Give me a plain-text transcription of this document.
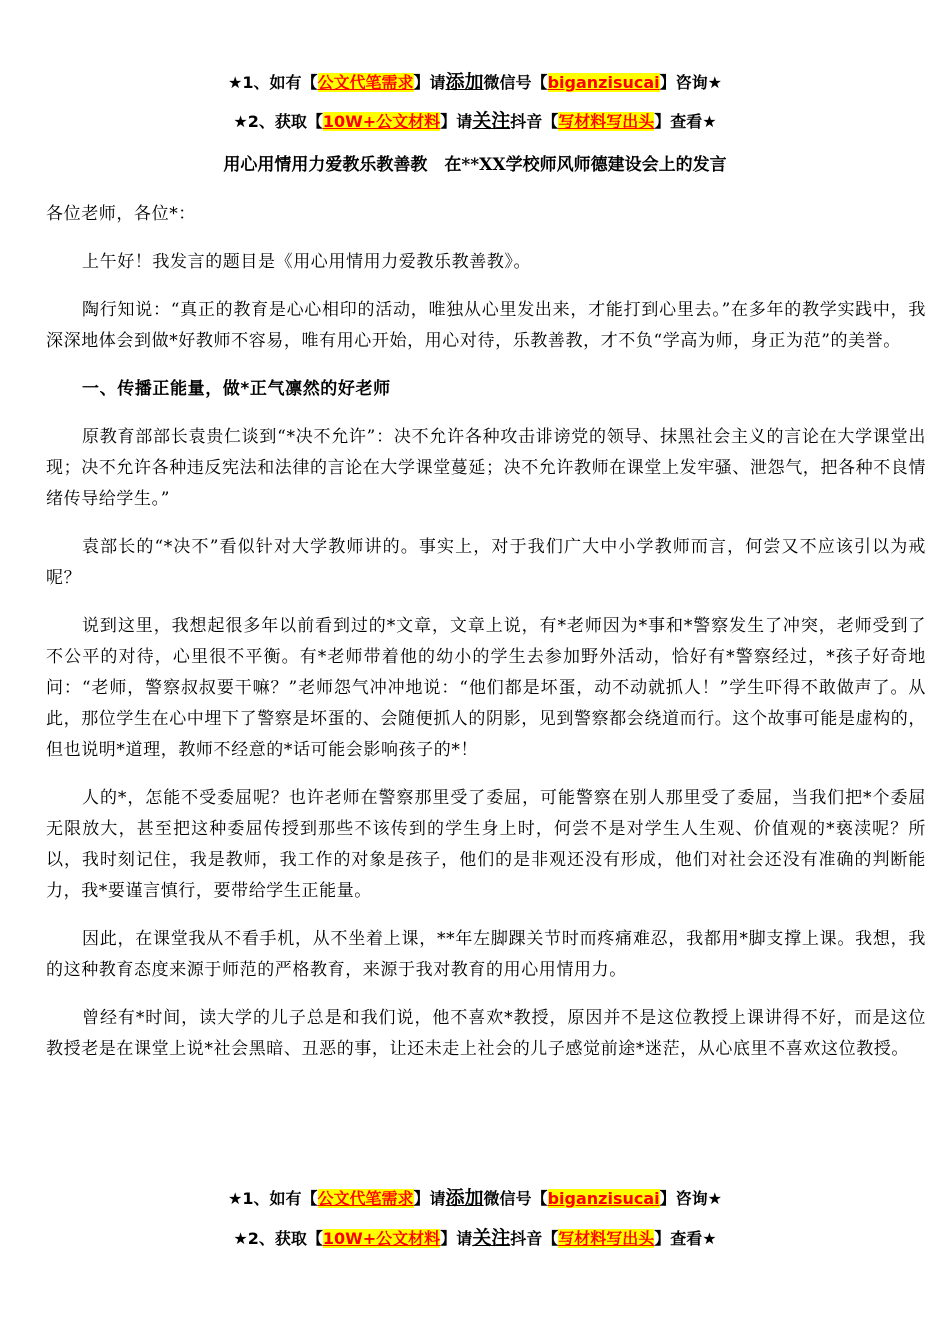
★1、如有【公文代笔需求】请添加微信号【biganzisucai】咨询★
★2、获取【10W+公文材料】请关注抖音【写材料写出头】查看★
用心用情用力爱教乐教善教　在**XX学校师风师德建设会上的发言

各位老师，各位*：

上午好！我发言的题目是《用心用情用力爱教乐教善教》。

陶行知说：“真正的教育是心心相印的活动，唯独从心里发出来，才能打到心里去。”在多年的教学实践中，我深深地体会到做*好教师不容易，唯有用心开始，用心对待，乐教善教，才不负“学高为师，身正为范”的美誉。

一、传播正能量，做*正气凛然的好老师

原教育部部长袁贵仁谈到“*决不允许”：决不允许各种攻击诽谤党的领导、抹黑社会主义的言论在大学课堂出现；决不允许各种违反宪法和法律的言论在大学课堂蔓延；决不允许教师在课堂上发牢骚、泄怨气，把各种不良情绪传导给学生。”

袁部长的“*决不”看似针对大学教师讲的。事实上，对于我们广大中小学教师而言，何尝又不应该引以为戒呢？

说到这里，我想起很多年以前看到过的*文章，文章上说，有*老师因为*事和*警察发生了冲突，老师受到了不公平的对待，心里很不平衡。有*老师带着他的幼小的学生去参加野外活动，恰好有*警察经过，*孩子好奇地问：“老师，警察叔叔要干嘛？”老师怨气冲冲地说：“他们都是坏蛋，动不动就抓人！”学生吓得不敢做声了。从此，那位学生在心中埋下了警察是坏蛋的、会随便抓人的阴影，见到警察都会绕道而行。这个故事可能是虚构的，但也说明*道理，教师不经意的*话可能会影响孩子的*！

人的*，怎能不受委屈呢？也许老师在警察那里受了委屈，可能警察在别人那里受了委屈，当我们把*个委屈无限放大，甚至把这种委屈传授到那些不该传到的学生身上时，何尝不是对学生人生观、价值观的*亵渎呢？所以，我时刻记住，我是教师，我工作的对象是孩子，他们的是非观还没有形成，他们对社会还没有准确的判断能力，我*要谨言慎行，要带给学生正能量。

因此，在课堂我从不看手机，从不坐着上课，**年左脚踝关节时而疼痛难忍，我都用*脚支撑上课。我想，我的这种教育态度来源于师范的严格教育，来源于我对教育的用心用情用力。

曾经有*时间，读大学的儿子总是和我们说，他不喜欢*教授，原因并不是这位教授上课讲得不好，而是这位教授老是在课堂上说*社会黑暗、丑恶的事，让还未走上社会的儿子感觉前途*迷茫，从心底里不喜欢这位教授。

★1、如有【公文代笔需求】请添加微信号【biganzisucai】咨询★
★2、获取【10W+公文材料】请关注抖音【写材料写出头】查看★
